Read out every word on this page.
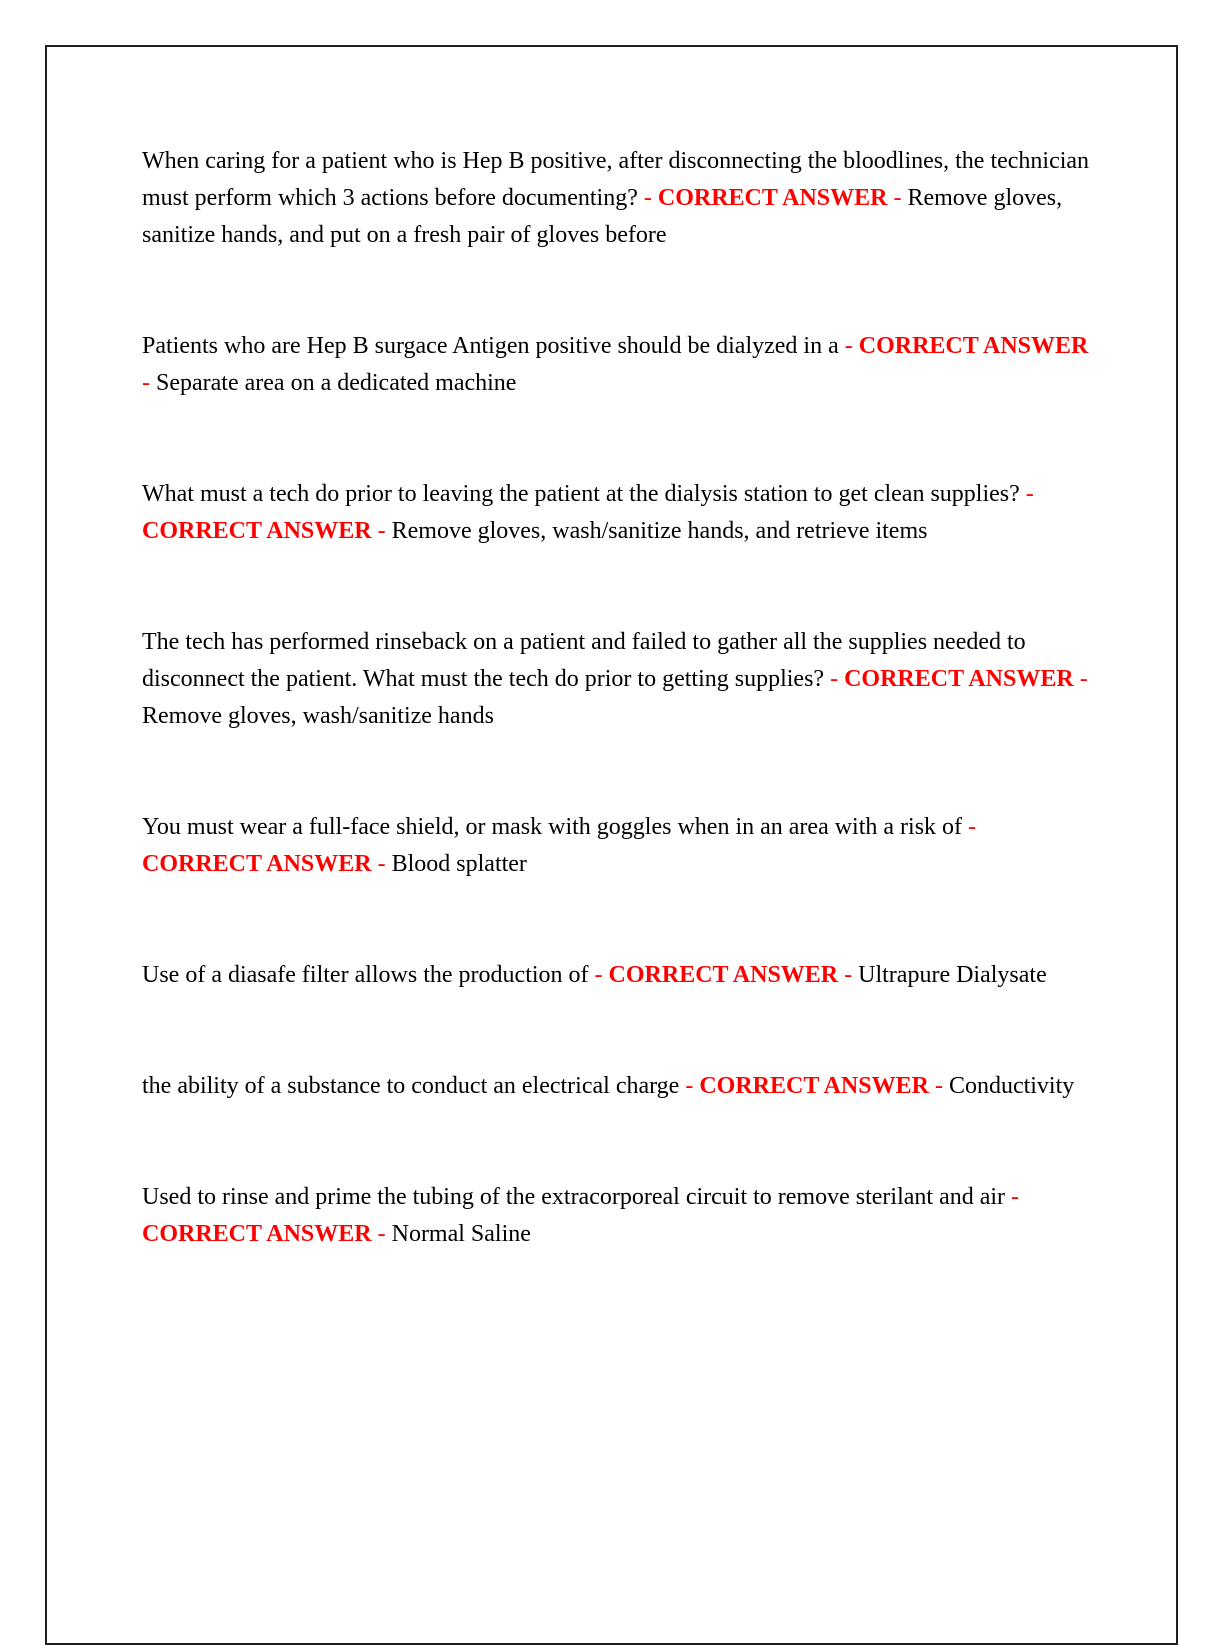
When caring for a patient who is Hep B positive, after disconnecting the bloodlines, the technician must perform which 3 actions before documenting? - CORRECT ANSWER - Remove gloves, sanitize hands, and put on a fresh pair of gloves before

Patients who are Hep B surgace Antigen positive should be dialyzed in a - CORRECT ANSWER - Separate area on a dedicated machine

What must a tech do prior to leaving the patient at the dialysis station to get clean supplies? - CORRECT ANSWER - Remove gloves, wash/sanitize hands, and retrieve items

The tech has performed rinseback on a patient and failed to gather all the supplies needed to disconnect the patient. What must the tech do prior to getting supplies? - CORRECT ANSWER - Remove gloves, wash/sanitize hands

You must wear a full-face shield, or mask with goggles when in an area with a risk of - CORRECT ANSWER - Blood splatter

Use of a diasafe filter allows the production of - CORRECT ANSWER - Ultrapure Dialysate

the ability of a substance to conduct an electrical charge - CORRECT ANSWER - Conductivity

Used to rinse and prime the tubing of the extracorporeal circuit to remove sterilant and air - CORRECT ANSWER - Normal Saline
